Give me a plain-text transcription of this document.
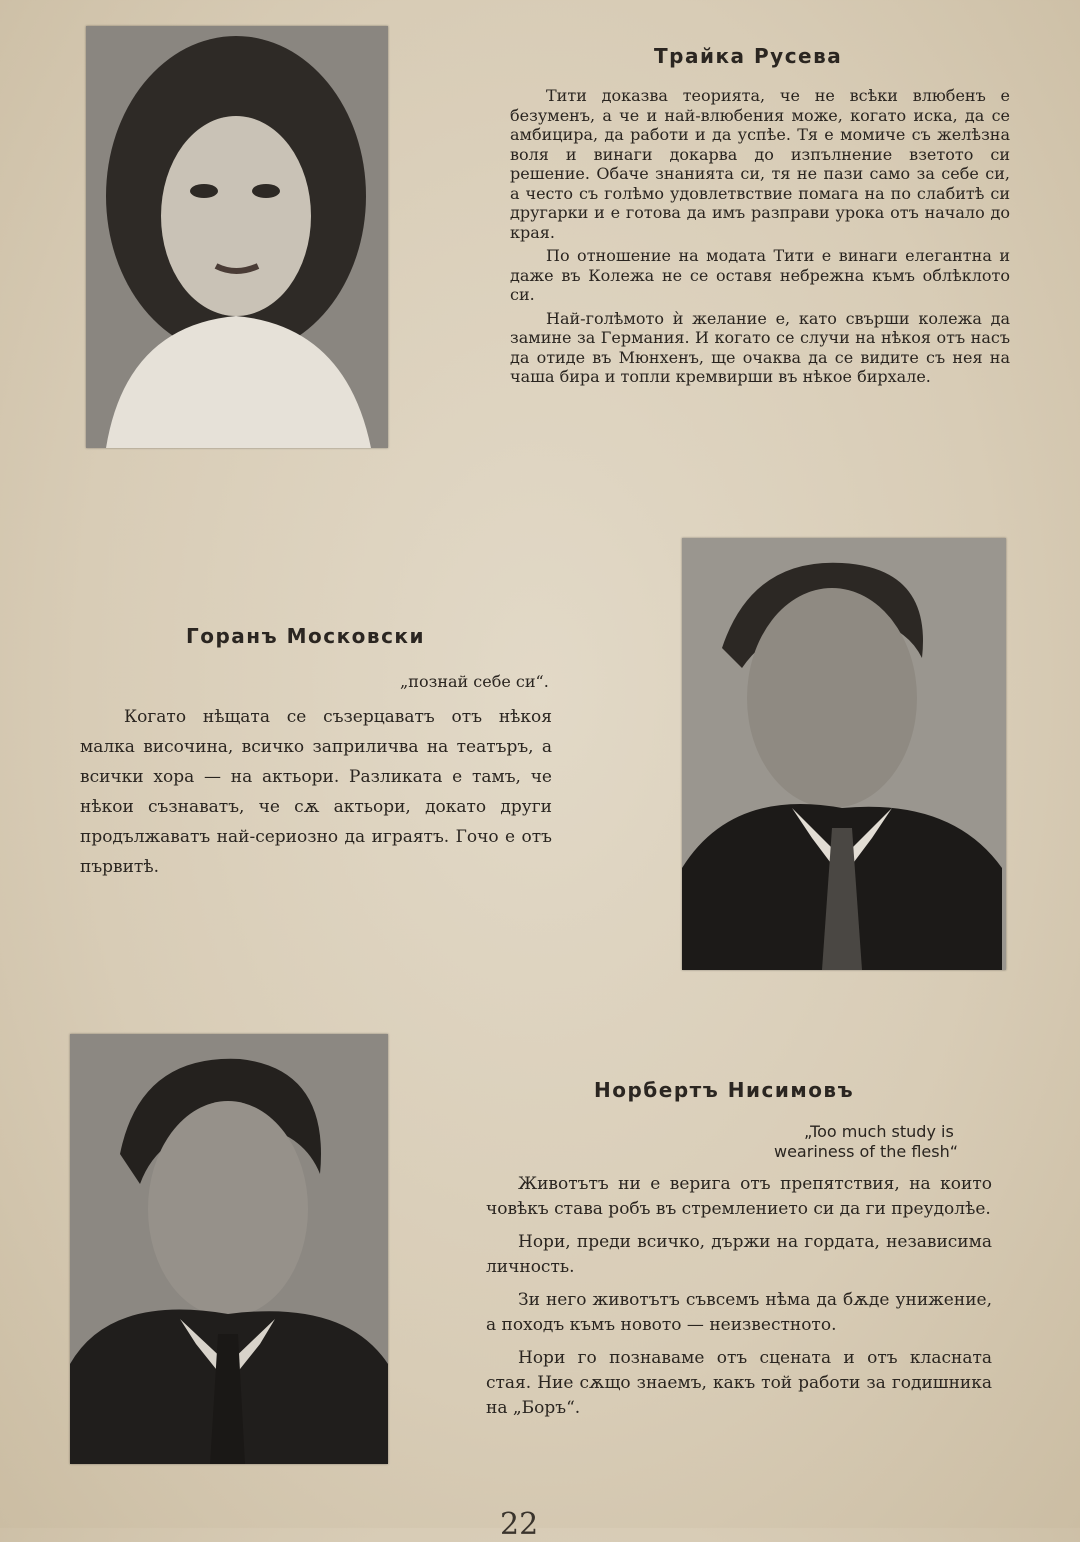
Трайка Русева

Тити доказва теорията, че не всѣки влюбенъ е безуменъ, а че и най-влюбения може, когато иска, да се амбицира, да работи и да успѣе. Тя е момиче съ желѣзна воля и винаги докарва до изпълнение взетото си решение. Обаче знанията си, тя не пази само за себе си, а често съ голѣмо удовлетвствие помага на по слабитѣ си другарки и е готова да имъ разправи урока отъ начало до края.

По отношение на модата Тити е винаги елегантна и даже въ Колежа не се оставя небрежна къмъ облѣклото си.

Най-голѣмото ѝ желание е, като свърши колежа да замине за Германия. И когато се случи на нѣкоя отъ насъ да отиде въ Мюнхенъ, ще очаква да се видите съ нея на чаша бира и топли кремвирши въ нѣкое бирхале.

Горанъ Московски

„познай себе си“.

Когато нѣщата се съзерцаватъ отъ нѣкоя малка височина, всичко заприличва на театъръ, а всички хора — на актьори. Разликата е тамъ, че нѣкои съзнаватъ, че сѫ актьори, докато други продължаватъ най-сериозно да играятъ. Гочо е отъ първитѣ.

Норбертъ Нисимовъ

„Too much study is

weariness of the flesh“

Животътъ ни е верига отъ препятствия, на които човѣкъ става робъ въ стремлението си да ги преудолѣе.

Нори, преди всичко, държи на гордата, независима личность.

Зи него животътъ съвсемъ нѣма да бѫде унижение, а походъ къмъ новото — неизвестното.

Нори го познаваме отъ сцената и отъ класната стая. Ние сѫщо знаемъ, какъ той работи за годишника на „Боръ“.

22
